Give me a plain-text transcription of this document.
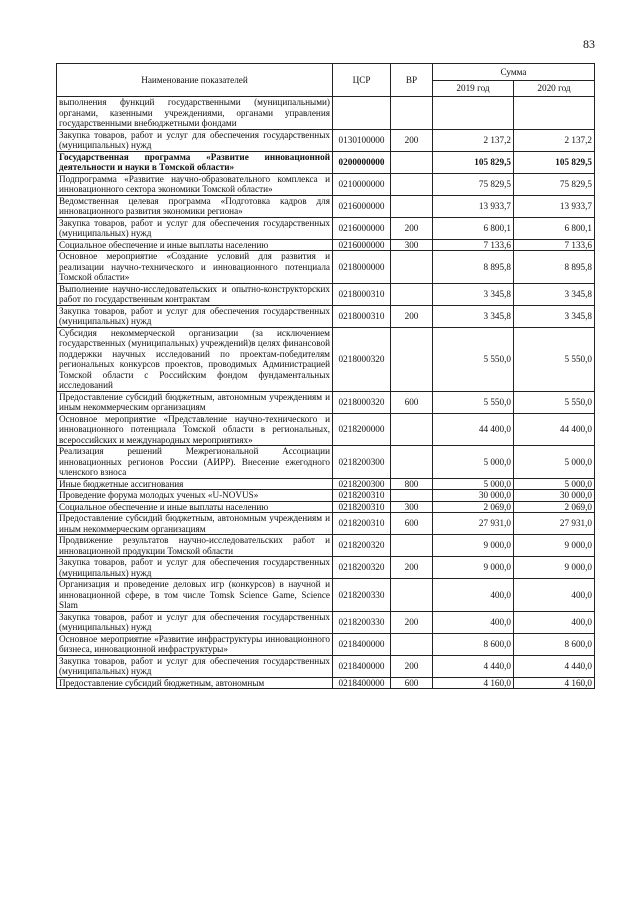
83
Наименование показателей	ЦСР	ВР	Сумма	
			2019 год	2020 год
выполнения функций государственными (муниципальными) органами, казенными учреждениями, органами управления государственными внебюджетными фондами				
Закупка товаров, работ и услуг для обеспечения государственных (муниципальных) нужд	0130100000	200	2 137,2	2 137,2
Государственная программа «Развитие инновационной деятельности и науки в Томской области»	0200000000		105 829,5	105 829,5
Подпрограмма «Развитие научно-образовательного комплекса и инновационного сектора экономики Томской области»	0210000000		75 829,5	75 829,5
Ведомственная целевая программа «Подготовка кадров для инновационного развития экономики региона»	0216000000		13 933,7	13 933,7
Закупка товаров, работ и услуг для обеспечения государственных (муниципальных) нужд	0216000000	200	6 800,1	6 800,1
Социальное обеспечение и иные выплаты населению	0216000000	300	7 133,6	7 133,6
Основное мероприятие «Создание условий для развития и реализации научно-технического и инновационного потенциала Томской области»	0218000000		8 895,8	8 895,8
Выполнение научно-исследовательских и опытно-конструкторских работ по государственным контрактам	0218000310		3 345,8	3 345,8
Закупка товаров, работ и услуг для обеспечения государственных (муниципальных) нужд	0218000310	200	3 345,8	3 345,8
Субсидия некоммерческой организации (за исключением государственных (муниципальных) учреждений)в целях финансовой поддержки научных исследований по проектам-победителям региональных конкурсов проектов, проводимых Администрацией Томской области с Российским фондом фундаментальных исследований	0218000320		5 550,0	5 550,0
Предоставление субсидий бюджетным, автономным учреждениям и иным некоммерческим организациям	0218000320	600	5 550,0	5 550,0
Основное мероприятие «Представление научно-технического и инновационного потенциала Томской области в региональных, всероссийских и международных мероприятиях»	0218200000		44 400,0	44 400,0
Реализация решений Межрегиональной Ассоциации инновационных регионов России (АИРР). Внесение ежегодного членского взноса	0218200300		5 000,0	5 000,0
Иные бюджетные ассигнования	0218200300	800	5 000,0	5 000,0
Проведение форума молодых ученых «U-NOVUS»	0218200310		30 000,0	30 000,0
Социальное обеспечение и иные выплаты населению	0218200310	300	2 069,0	2 069,0
Предоставление субсидий бюджетным, автономным учреждениям и иным некоммерческим организациям	0218200310	600	27 931,0	27 931,0
Продвижение результатов научно-исследовательских работ и инновационной продукции Томской области	0218200320		9 000,0	9 000,0
Закупка товаров, работ и услуг для обеспечения государственных (муниципальных) нужд	0218200320	200	9 000,0	9 000,0
Организация и проведение деловых игр (конкурсов) в научной и инновационной сфере, в том числе Tomsk Science Game, Science Slam	0218200330		400,0	400,0
Закупка товаров, работ и услуг для обеспечения государственных (муниципальных) нужд	0218200330	200	400,0	400,0
Основное мероприятие «Развитие инфраструктуры инновационного бизнеса, инновационной инфраструктуры»	0218400000		8 600,0	8 600,0
Закупка товаров, работ и услуг для обеспечения государственных (муниципальных) нужд	0218400000	200	4 440,0	4 440,0
Предоставление субсидий бюджетным, автономным	0218400000	600	4 160,0	4 160,0
